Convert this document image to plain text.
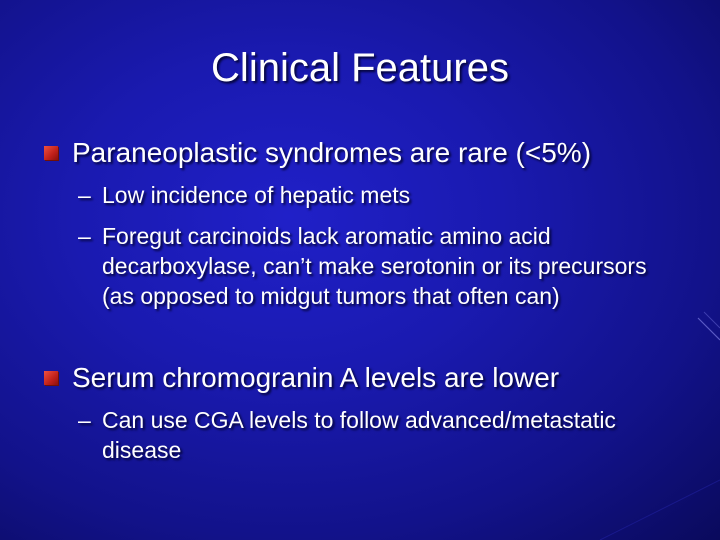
Clinical Features
Paraneoplastic syndromes are rare (<5%)
– Low incidence of hepatic mets
– Foregut carcinoids lack aromatic amino acid decarboxylase, can’t make serotonin or its precursors (as opposed to midgut tumors that often can)
Serum chromogranin A levels are lower
– Can use CGA levels to follow advanced/metastatic disease
